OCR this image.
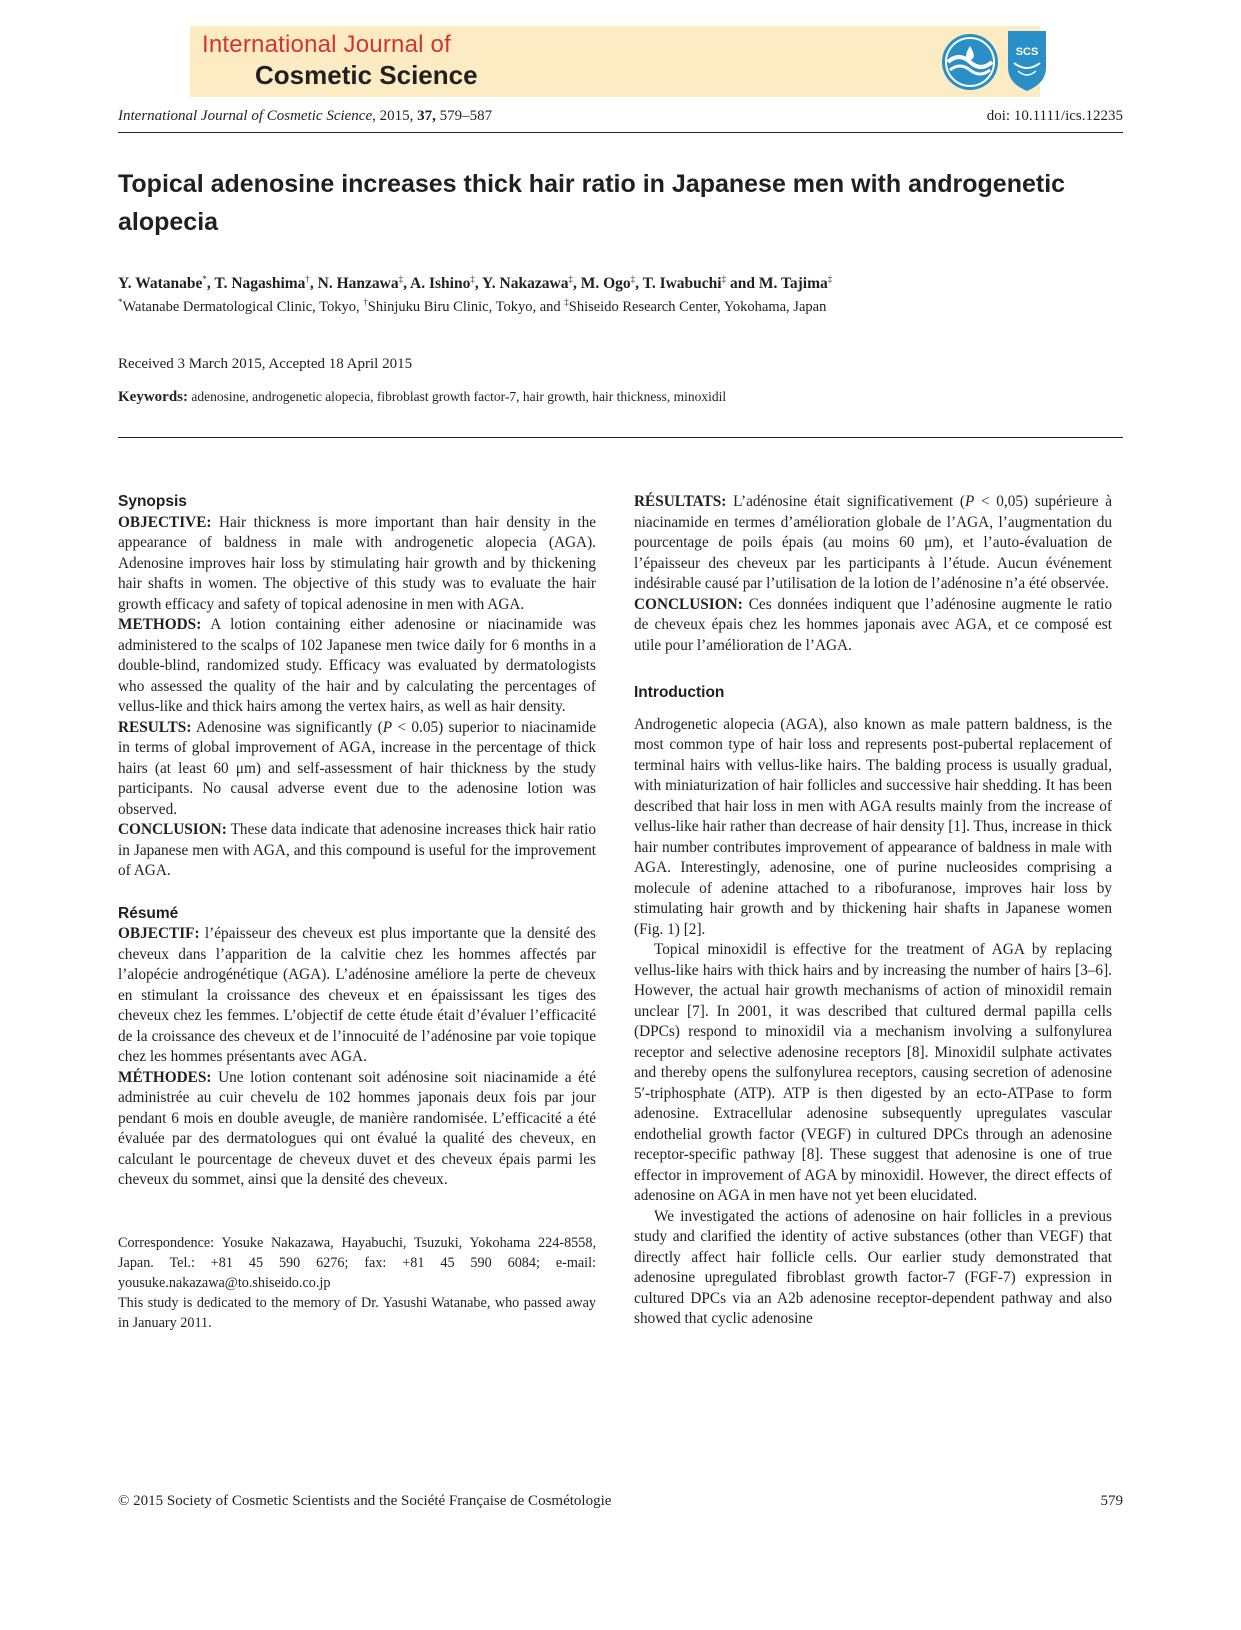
International Journal of
Cosmetic Science
SCS
International Journal of Cosmetic Science, 2015, 37, 579–587	doi: 10.1111/ics.12235
Topical adenosine increases thick hair ratio in Japanese men with androgenetic alopecia
Y. Watanabe*, T. Nagashima†, N. Hanzawa‡, A. Ishino‡, Y. Nakazawa‡, M. Ogo‡, T. Iwabuchi‡ and M. Tajima‡
*Watanabe Dermatological Clinic, Tokyo, †Shinjuku Biru Clinic, Tokyo, and ‡Shiseido Research Center, Yokohama, Japan
Received 3 March 2015, Accepted 18 April 2015
Keywords: adenosine, androgenetic alopecia, fibroblast growth factor-7, hair growth, hair thickness, minoxidil
Synopsis

OBJECTIVE: Hair thickness is more important than hair density in the appearance of baldness in male with androgenetic alopecia (AGA). Adenosine improves hair loss by stimulating hair growth and by thickening hair shafts in women. The objective of this study was to evaluate the hair growth efficacy and safety of topical adenosine in men with AGA.

METHODS: A lotion containing either adenosine or niacinamide was administered to the scalps of 102 Japanese men twice daily for 6 months in a double-blind, randomized study. Efficacy was evaluated by dermatologists who assessed the quality of the hair and by calculating the percentages of vellus-like and thick hairs among the vertex hairs, as well as hair density.

RESULTS: Adenosine was significantly (P < 0.05) superior to niacinamide in terms of global improvement of AGA, increase in the percentage of thick hairs (at least 60 μm) and self-assessment of hair thickness by the study participants. No causal adverse event due to the adenosine lotion was observed.

CONCLUSION: These data indicate that adenosine increases thick hair ratio in Japanese men with AGA, and this compound is useful for the improvement of AGA.

Résumé

OBJECTIF: l’épaisseur des cheveux est plus importante que la densité des cheveux dans l’apparition de la calvitie chez les hommes affectés par l’alopécie androgénétique (AGA). L’adénosine améliore la perte de cheveux en stimulant la croissance des cheveux et en épaississant les tiges des cheveux chez les femmes. L’objectif de cette étude était d’évaluer l’efficacité de la croissance des cheveux et de l’innocuité de l’adénosine par voie topique chez les hommes présentants avec AGA.

MÉTHODES: Une lotion contenant soit adénosine soit niacinamide a été administrée au cuir chevelu de 102 hommes japonais deux fois par jour pendant 6 mois en double aveugle, de manière randomisée. L’efficacité a été évaluée par des dermatologues qui ont évalué la qualité des cheveux, en calculant le pourcentage de cheveux duvet et des cheveux épais parmi les cheveux du sommet, ainsi que la densité des cheveux.

Correspondence: Yosuke Nakazawa, Hayabuchi, Tsuzuki, Yokohama 224-8558, Japan. Tel.: +81 45 590 6276; fax: +81 45 590 6084; e-mail: yousuke.nakazawa@to.shiseido.co.jp

This study is dedicated to the memory of Dr. Yasushi Watanabe, who passed away in January 2011.

RÉSULTATS: L’adénosine était significativement (P < 0,05) supérieure à niacinamide en termes d’amélioration globale de l’AGA, l’augmentation du pourcentage de poils épais (au moins 60 μm), et l’auto-évaluation de l’épaisseur des cheveux par les participants à l’étude. Aucun événement indésirable causé par l’utilisation de la lotion de l’adénosine n’a été observée.

CONCLUSION: Ces données indiquent que l’adénosine augmente le ratio de cheveux épais chez les hommes japonais avec AGA, et ce composé est utile pour l’amélioration de l’AGA.

Introduction

Androgenetic alopecia (AGA), also known as male pattern baldness, is the most common type of hair loss and represents post-pubertal replacement of terminal hairs with vellus-like hairs. The balding process is usually gradual, with miniaturization of hair follicles and successive hair shedding. It has been described that hair loss in men with AGA results mainly from the increase of vellus-like hair rather than decrease of hair density [1]. Thus, increase in thick hair number contributes improvement of appearance of baldness in male with AGA. Interestingly, adenosine, one of purine nucleosides comprising a molecule of adenine attached to a ribofuranose, improves hair loss by stimulating hair growth and by thickening hair shafts in Japanese women (Fig. 1) [2].

Topical minoxidil is effective for the treatment of AGA by replacing vellus-like hairs with thick hairs and by increasing the number of hairs [3–6]. However, the actual hair growth mechanisms of action of minoxidil remain unclear [7]. In 2001, it was described that cultured dermal papilla cells (DPCs) respond to minoxidil via a mechanism involving a sulfonylurea receptor and selective adenosine receptors [8]. Minoxidil sulphate activates and thereby opens the sulfonylurea receptors, causing secretion of adenosine 5′-triphosphate (ATP). ATP is then digested by an ecto-ATPase to form adenosine. Extracellular adenosine subsequently upregulates vascular endothelial growth factor (VEGF) in cultured DPCs through an adenosine receptor-specific pathway [8]. These suggest that adenosine is one of true effector in improvement of AGA by minoxidil. However, the direct effects of adenosine on AGA in men have not yet been elucidated.

We investigated the actions of adenosine on hair follicles in a previous study and clarified the identity of active substances (other than VEGF) that directly affect hair follicle cells. Our earlier study demonstrated that adenosine upregulated fibroblast growth factor-7 (FGF-7) expression in cultured DPCs via an A2b adenosine receptor-dependent pathway and also showed that cyclic adenosine

© 2015 Society of Cosmetic Scientists and the Société Française de Cosmétologie	579
